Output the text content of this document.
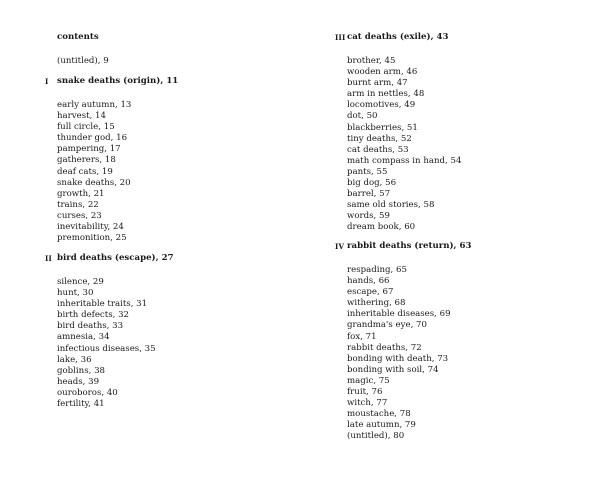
contents
(untitled), 9
I snake deaths (origin), 11
early autumn, 13
harvest, 14
full circle, 15
thunder god, 16
pampering, 17
gatherers, 18
deaf cats, 19
snake deaths, 20
growth, 21
trains, 22
curses, 23
inevitability, 24
premonition, 25
II bird deaths (escape), 27
silence, 29
hunt, 30
inheritable traits, 31
birth defects, 32
bird deaths, 33
amnesia, 34
infectious diseases, 35
lake, 36
goblins, 38
heads, 39
ouroboros, 40
fertility, 41
III cat deaths (exile), 43
brother, 45
wooden arm, 46
burnt arm, 47
arm in nettles, 48
locomotives, 49
dot, 50
blackberries, 51
tiny deaths, 52
cat deaths, 53
math compass in hand, 54
pants, 55
big dog, 56
barrel, 57
same old stories, 58
words, 59
dream book, 60
IV rabbit deaths (return), 63
respading, 65
hands, 66
escape, 67
withering, 68
inheritable diseases, 69
grandma's eye, 70
fox, 71
rabbit deaths, 72
bonding with death, 73
bonding with soil, 74
magic, 75
fruit, 76
witch, 77
moustache, 78
late autumn, 79
(untitled), 80
